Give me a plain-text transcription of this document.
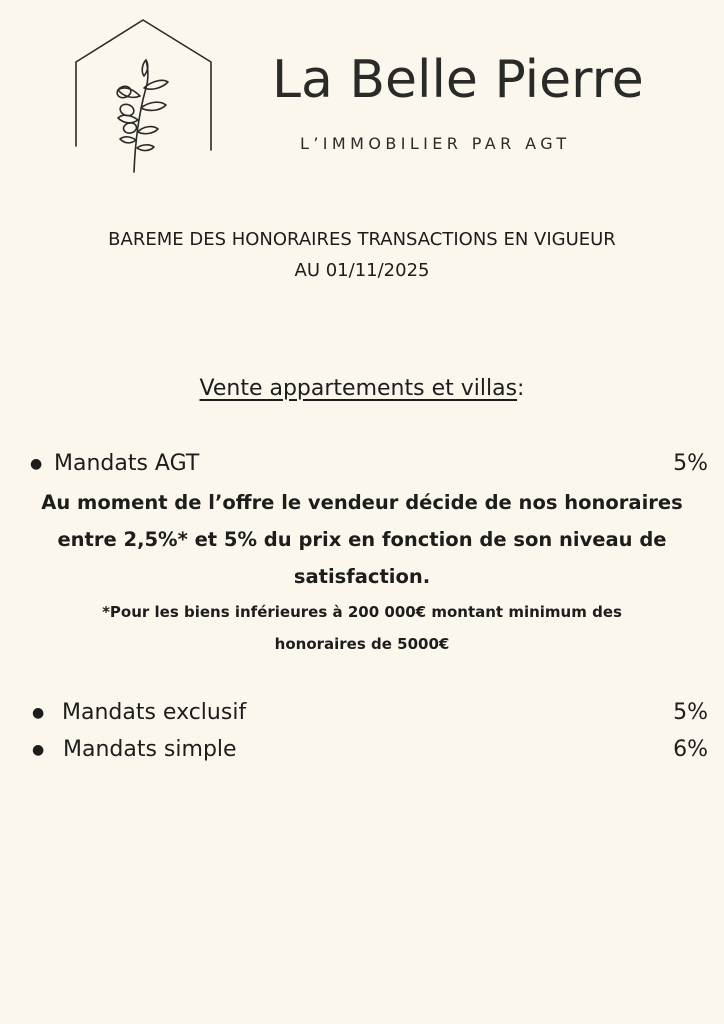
La Belle Pierre
L’IMMOBILIER PAR AGT
BAREME DES HONORAIRES TRANSACTIONS EN VIGUEUR
AU 01/11/2025
Vente appartements et villas:
● Mandats AGT	5%
Au moment de l’offre le vendeur décide de nos honoraires
entre 2,5%* et 5% du prix en fonction de son niveau de
satisfaction.
*Pour les biens inférieures à 200 000€ montant minimum des
honoraires de 5000€
● Mandats exclusif	5%
● Mandats simple	6%
